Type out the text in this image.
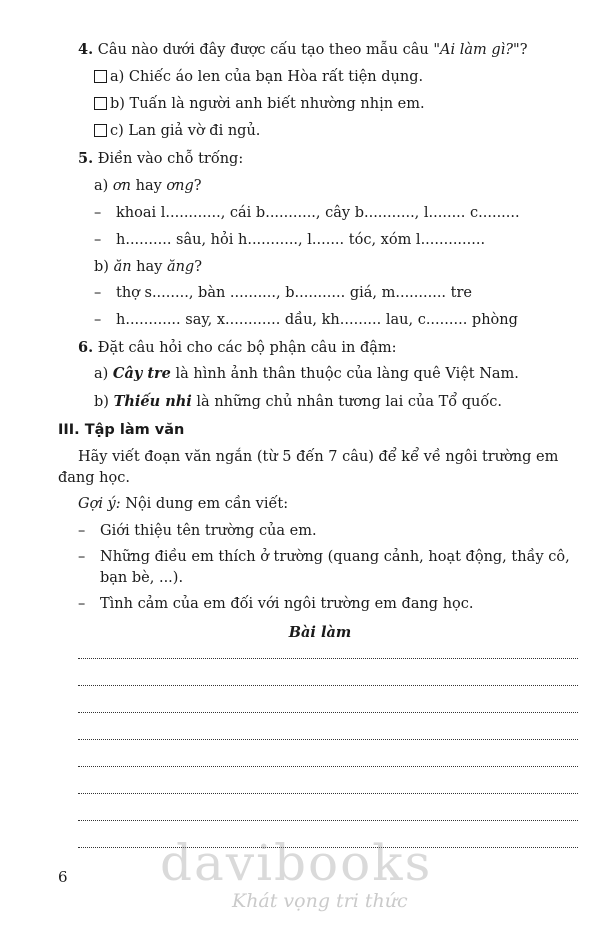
4. Câu nào dưới đây được cấu tạo theo mẫu câu "Ai làm gì?"?
a) Chiếc áo len của bạn Hòa rất tiện dụng.
b) Tuấn là người anh biết nhường nhịn em.
c) Lan giả vờ đi ngủ.
5. Điền vào chỗ trống:
a) ơn hay ơng?
– khoai l............, cái b..........., cây b..........., l........ c.........
– h.......... sâu, hỏi h..........., l....... tóc, xóm l..............
b) ăn hay ăng?
– thợ s........, bàn .........., b........... giá, m........... tre
– h............ say, x............ dầu, kh......... lau, c......... phòng
6. Đặt câu hỏi cho các bộ phận câu in đậm:
a) Cây tre là hình ảnh thân thuộc của làng quê Việt Nam.
b) Thiếu nhi là những chủ nhân tương lai của Tổ quốc.
III. Tập làm văn
Hãy viết đoạn văn ngắn (từ 5 đến 7 câu) để kể về ngôi trường em
đang học.
Gợi ý: Nội dung em cần viết:
– Giới thiệu tên trường của em.
– Những điều em thích ở trường (quang cảnh, hoạt động, thầy cô,
bạn bè, ...).
– Tình cảm của em đối với ngôi trường em đang học.
Bài làm
6 davibooks
Khát vọng tri thức
